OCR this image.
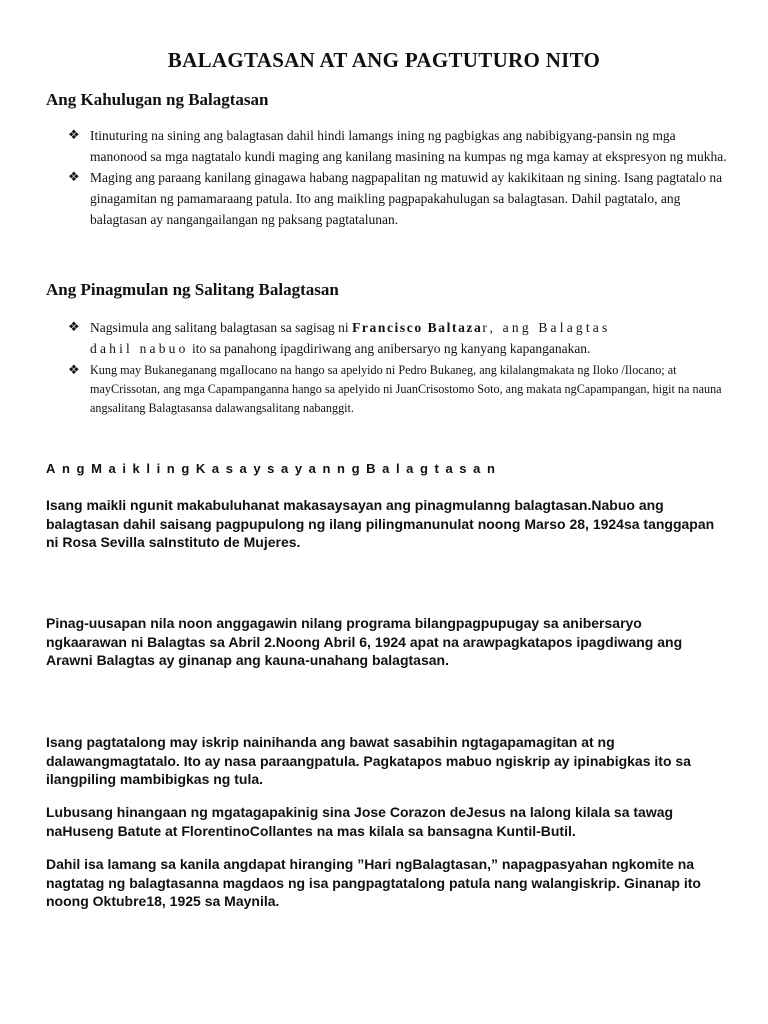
BALAGTASAN AT ANG PAGTUTURO NITO
Ang Kahulugan ng Balagtasan
❖ Itinuturing na sining ang balagtasan dahil hindi lamangs ining ng pagbigkas ang nabibigyang-pansin ng mga manonood sa mga nagtatalo kundi maging ang kanilang masining na kumpas ng mga kamay at ekspresyon ng mukha.
❖ Maging ang paraang kanilang ginagawa habang nagpapalitan ng matuwid ay kakikitaan ng sining. Isang pagtatalo na ginagamitan ng pamamaraang patula. Ito ang maikling pagpapakahulugan sa balagtasan. Dahil pagtatalo, ang balagtasan ay nangangailangan ng paksang pagtatalunan.
Ang Pinagmulan ng Salitang Balagtasan
❖ Nagsimula ang salitang balagtasan sa sagisag ni Francisco Baltazar, ang Balagtas
dahil nabuo ito sa panahong ipagdiriwang ang anibersaryo ng kanyang kapanganakan.
❖ Kung may Bukaneganang mgaIlocano na hango sa apelyido ni Pedro Bukaneg, ang kilalangmakata ng Iloko /Ilocano; at mayCrissotan, ang mga Capampanganna hango sa apelyido ni JuanCrisostomo Soto, ang makata ngCapampangan, higit na nauna angsalitang Balagtasansa dalawangsalitang nabanggit.
AngMaiklingKasaysayanngBalagtasan

Isang maikli ngunit makabuluhanat makasaysayan ang pinagmulanng balagtasan.Nabuo ang balagtasan dahil saisang pagpupulong ng ilang pilingmanunulat noong Marso 28, 1924sa tanggapan ni Rosa Sevilla saInstituto de Mujeres.

Pinag-uusapan nila noon anggagawin nilang programa bilangpagpupugay sa anibersaryo ngkaarawan ni Balagtas sa Abril 2.Noong Abril 6, 1924 apat na arawpagkatapos ipagdiwang ang Arawni Balagtas ay ginanap ang kauna-unahang balagtasan.

Isang pagtatalong may iskrip nainihanda ang bawat sasabihin ngtagapamagitan at ng dalawangmagtatalo. Ito ay nasa paraangpatula. Pagkatapos mabuo ngiskrip ay ipinabigkas ito sa ilangpiling mambibigkas ng tula.

Lubusang hinangaan ng mgatagapakinig sina Jose Corazon deJesus na lalong kilala sa tawag naHuseng Batute at FlorentinoCollantes na mas kilala sa bansagna Kuntil-Butil.

Dahil isa lamang sa kanila angdapat hiranging ”Hari ngBalagtasan,” napagpasyahan ngkomite na nagtatag ng balagtasanna magdaos ng isa pangpagtatalong patula nang walangiskrip. Ginanap ito noong Oktubre18, 1925 sa Maynila.
